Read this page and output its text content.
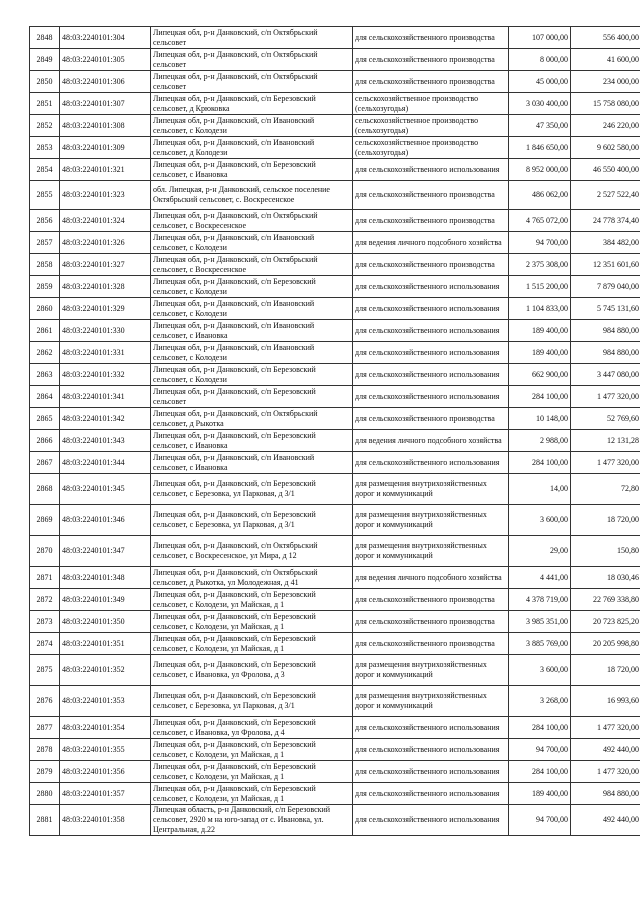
2848	48:03:2240101:304	Липецкая обл, р-н Данковский, с/п Октябрьский сельсовет	для сельскохозяйственного производства	107 000,00	556 400,00
2849	48:03:2240101:305	Липецкая обл, р-н Данковский, с/п Октябрьский сельсовет	для сельскохозяйственного производства	8 000,00	41 600,00
2850	48:03:2240101:306	Липецкая обл, р-н Данковский, с/п Октябрьский сельсовет	для сельскохозяйственного производства	45 000,00	234 000,00
2851	48:03:2240101:307	Липецкая обл, р-н Данковский, с/п Березовский сельсовет, д Крюковка	сельскохозяйственное производство (сельхозугодья)	3 030 400,00	15 758 080,00
2852	48:03:2240101:308	Липецкая обл, р-н Данковский, с/п Ивановский сельсовет, с Колодези	сельскохозяйственное производство (сельхозугодья)	47 350,00	246 220,00
2853	48:03:2240101:309	Липецкая обл, р-н Данковский, с/п Ивановский сельсовет, д Колодези	сельскохозяйственное производство (сельхозугодья)	1 846 650,00	9 602 580,00
2854	48:03:2240101:321	Липецкая обл, р-н Данковский, с/п Березовский сельсовет, с Ивановка	для сельскохозяйственного использования	8 952 000,00	46 550 400,00
2855	48:03:2240101:323	обл. Липецкая, р-н Данковский, сельское поселение Октябрьский сельсовет, с. Воскресенское	для сельскохозяйственного производства	486 062,00	2 527 522,40
2856	48:03:2240101:324	Липецкая обл, р-н Данковский, с/п Октябрьский сельсовет, с Воскресенское	для сельскохозяйственного производства	4 765 072,00	24 778 374,40
2857	48:03:2240101:326	Липецкая обл, р-н Данковский, с/п Ивановский сельсовет, с Колодези	для ведения личного подсобного хозяйства	94 700,00	384 482,00
2858	48:03:2240101:327	Липецкая обл, р-н Данковский, с/п Октябрьский сельсовет, с Воскресенское	для сельскохозяйственного производства	2 375 308,00	12 351 601,60
2859	48:03:2240101:328	Липецкая обл, р-н Данковский, с/п Березовский сельсовет, с Колодези	для сельскохозяйственного использования	1 515 200,00	7 879 040,00
2860	48:03:2240101:329	Липецкая обл, р-н Данковский, с/п Ивановский сельсовет, с Колодези	для сельскохозяйственного использования	1 104 833,00	5 745 131,60
2861	48:03:2240101:330	Липецкая обл, р-н Данковский, с/п Ивановский сельсовет, с Ивановка	для сельскохозяйственного использования	189 400,00	984 880,00
2862	48:03:2240101:331	Липецкая обл, р-н Данковский, с/п Ивановский сельсовет, с Колодези	для сельскохозяйственного использования	189 400,00	984 880,00
2863	48:03:2240101:332	Липецкая обл, р-н Данковский, с/п Березовский сельсовет, с Колодези	для сельскохозяйственного использования	662 900,00	3 447 080,00
2864	48:03:2240101:341	Липецкая обл, р-н Данковский, с/п Березовский сельсовет	для сельскохозяйственного использования	284 100,00	1 477 320,00
2865	48:03:2240101:342	Липецкая обл, р-н Данковский, с/п Октябрьский сельсовет, д Рыкотка	для сельскохозяйственного производства	10 148,00	52 769,60
2866	48:03:2240101:343	Липецкая обл, р-н Данковский, с/п Березовский сельсовет, с Ивановка	для ведения личного подсобного хозяйства	2 988,00	12 131,28
2867	48:03:2240101:344	Липецкая обл, р-н Данковский, с/п Ивановский сельсовет, с Ивановка	для сельскохозяйственного использования	284 100,00	1 477 320,00
2868	48:03:2240101:345	Липецкая обл, р-н Данковский, с/п Березовский сельсовет, с Березовка, ул Парковая, д 3/1	для размещения внутрихозяйственных дорог и коммуникаций	14,00	72,80
2869	48:03:2240101:346	Липецкая обл, р-н Данковский, с/п Березовский сельсовет, с Березовка, ул Парковая, д 3/1	для размещения внутрихозяйственных дорог и коммуникаций	3 600,00	18 720,00
2870	48:03:2240101:347	Липецкая обл, р-н Данковский, с/п Октябрьский сельсовет, с Воскресенское, ул Мира, д 12	для размещения внутрихозяйственных дорог и коммуникаций	29,00	150,80
2871	48:03:2240101:348	Липецкая обл, р-н Данковский, с/п Октябрьский сельсовет, д Рыкотка, ул Молодежная, д 41	для ведения личного подсобного хозяйства	4 441,00	18 030,46
2872	48:03:2240101:349	Липецкая обл, р-н Данковский, с/п Березовский сельсовет, с Колодези, ул Майская, д 1	для сельскохозяйственного производства	4 378 719,00	22 769 338,80
2873	48:03:2240101:350	Липецкая обл, р-н Данковский, с/п Березовский сельсовет, с Колодези, ул Майская, д 1	для сельскохозяйственного производства	3 985 351,00	20 723 825,20
2874	48:03:2240101:351	Липецкая обл, р-н Данковский, с/п Березовский сельсовет, с Колодези, ул Майская, д 1	для сельскохозяйственного производства	3 885 769,00	20 205 998,80
2875	48:03:2240101:352	Липецкая обл, р-н Данковский, с/п Березовский сельсовет, с Ивановка, ул Фролова, д 3	для размещения внутрихозяйственных дорог и коммуникаций	3 600,00	18 720,00
2876	48:03:2240101:353	Липецкая обл, р-н Данковский, с/п Березовский сельсовет, с Березовка, ул Парковая, д 3/1	для размещения внутрихозяйственных дорог и коммуникаций	3 268,00	16 993,60
2877	48:03:2240101:354	Липецкая обл, р-н Данковский, с/п Березовский сельсовет, с Ивановка, ул Фролова, д 4	для сельскохозяйственного использования	284 100,00	1 477 320,00
2878	48:03:2240101:355	Липецкая обл, р-н Данковский, с/п Березовский сельсовет, с Колодези, ул Майская, д 1	для сельскохозяйственного использования	94 700,00	492 440,00
2879	48:03:2240101:356	Липецкая обл, р-н Данковский, с/п Березовский сельсовет, с Колодези, ул Майская, д 1	для сельскохозяйственного использования	284 100,00	1 477 320,00
2880	48:03:2240101:357	Липецкая обл, р-н Данковский, с/п Березовский сельсовет, с Колодези, ул Майская, д 1	для сельскохозяйственного использования	189 400,00	984 880,00
2881	48:03:2240101:358	Липецкая область, р-н Данковский, с/п Березовский сельсовет, 2920 м на юго-запад от с. Ивановка, ул. Центральная, д.22	для сельскохозяйственного использования	94 700,00	492 440,00
